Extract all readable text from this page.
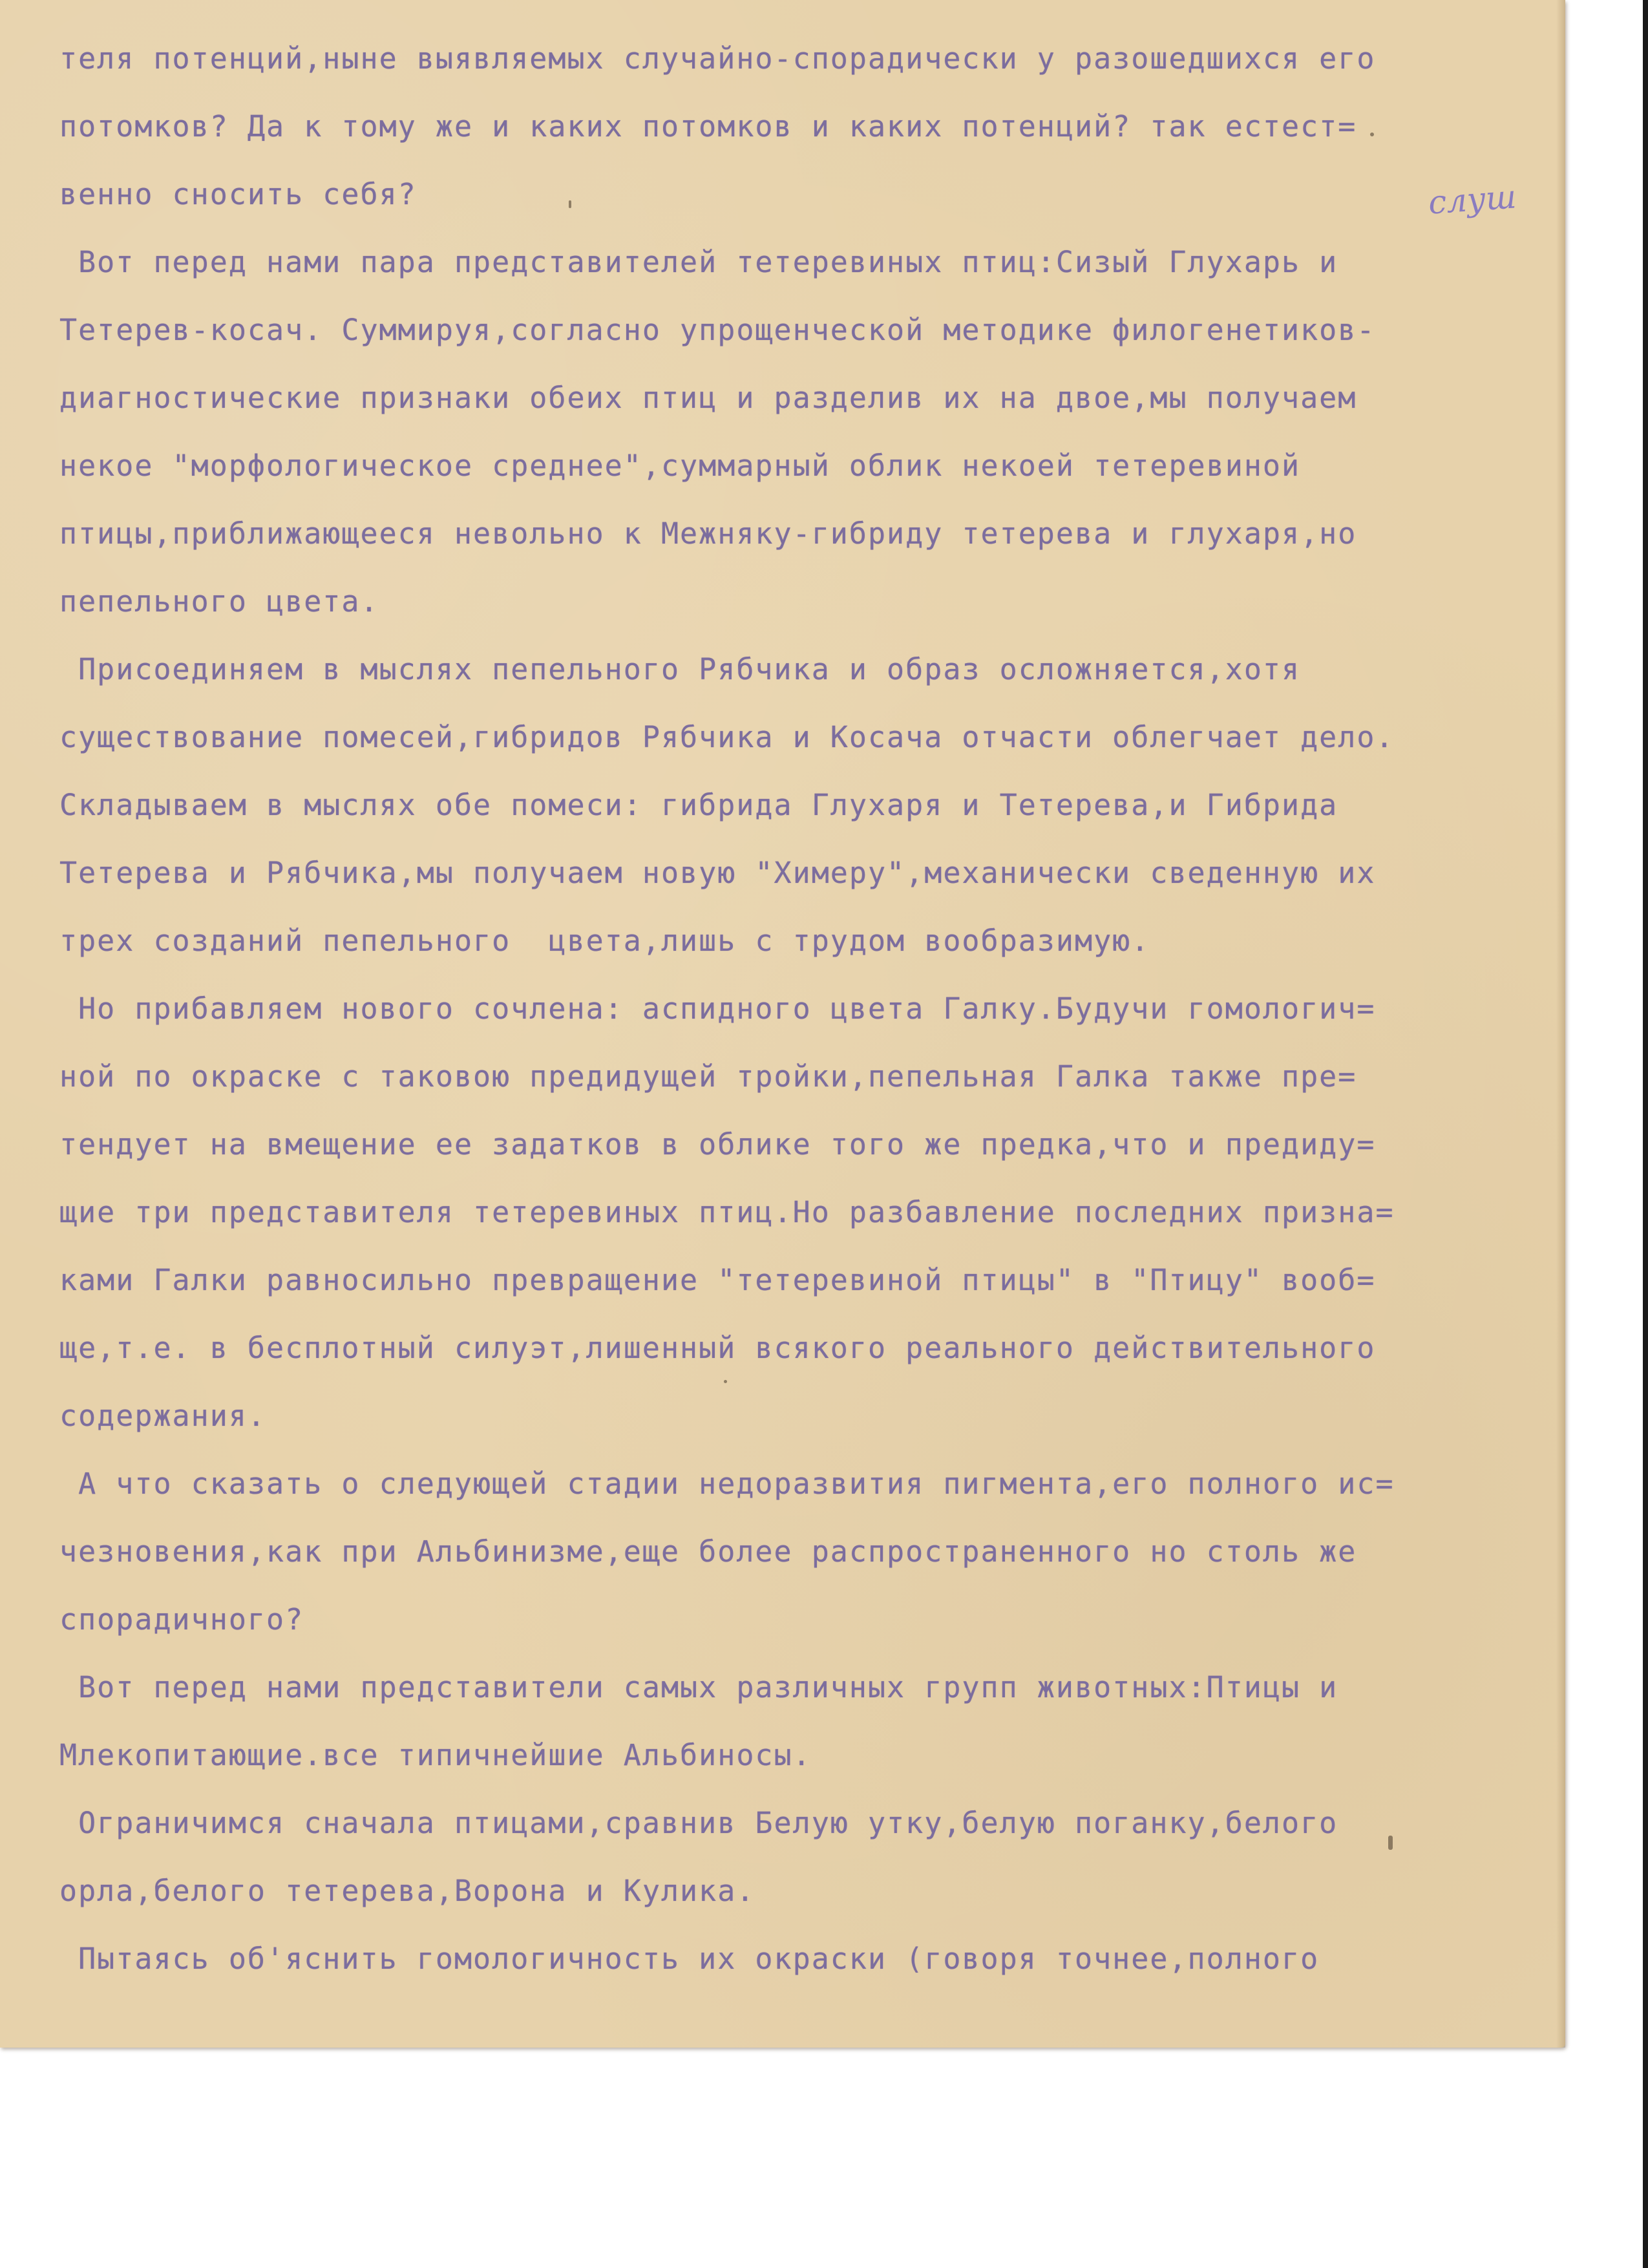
слуш
теля потенций,ныне выявляемых случайно-спорадически у разошедшихся его
потомков? Да к тому же и каких потомков и каких потенций? так естест=
венно сносить себя?
Вот перед нами пара представителей тетеревиных птиц:Сизый Глухарь и
Тетерев-косач. Суммируя,согласно упрощенческой методике филогенетиков-
диагностические признаки обеих птиц и разделив их на двое,мы получаем
некое "морфологическое среднее",суммарный облик некоей тетеревиной
птицы,приближающееся невольно к Межняку-гибриду тетерева и глухаря,но
пепельного цвета.
Присоединяем в мыслях пепельного Рябчика и образ осложняется,хотя
существование помесей,гибридов Рябчика и Косача отчасти облегчает дело.
Складываем в мыслях обе помеси: гибрида Глухаря и Тетерева,и Гибрида
Тетерева и Рябчика,мы получаем новую "Химеру",механически сведенную их
трех созданий пепельного  цвета,лишь с трудом вообразимую.
Но прибавляем нового сочлена: аспидного цвета Галку.Будучи гомологич=
ной по окраске с таковою предидущей тройки,пепельная Галка также пре=
тендует на вмещение ее задатков в облике того же предка,что и предиду=
щие три представителя тетеревиных птиц.Но разбавление последних призна=
ками Галки равносильно превращение "тетеревиной птицы" в "Птицу" вооб=
ще,т.е. в бесплотный силуэт,лишенный всякого реального действительного
содержания.
А что сказать о следующей стадии недоразвития пигмента,его полного ис=
чезновения,как при Альбинизме,еще более распространенного но столь же
спорадичного?
Вот перед нами представители самых различных групп животных:Птицы и
Млекопитающие.все типичнейшие Альбиносы.
Ограничимся сначала птицами,сравнив Белую утку,белую поганку,белого
орла,белого тетерева,Ворона и Кулика.
Пытаясь об'яснить гомологичность их окраски (говоря точнее,полного
